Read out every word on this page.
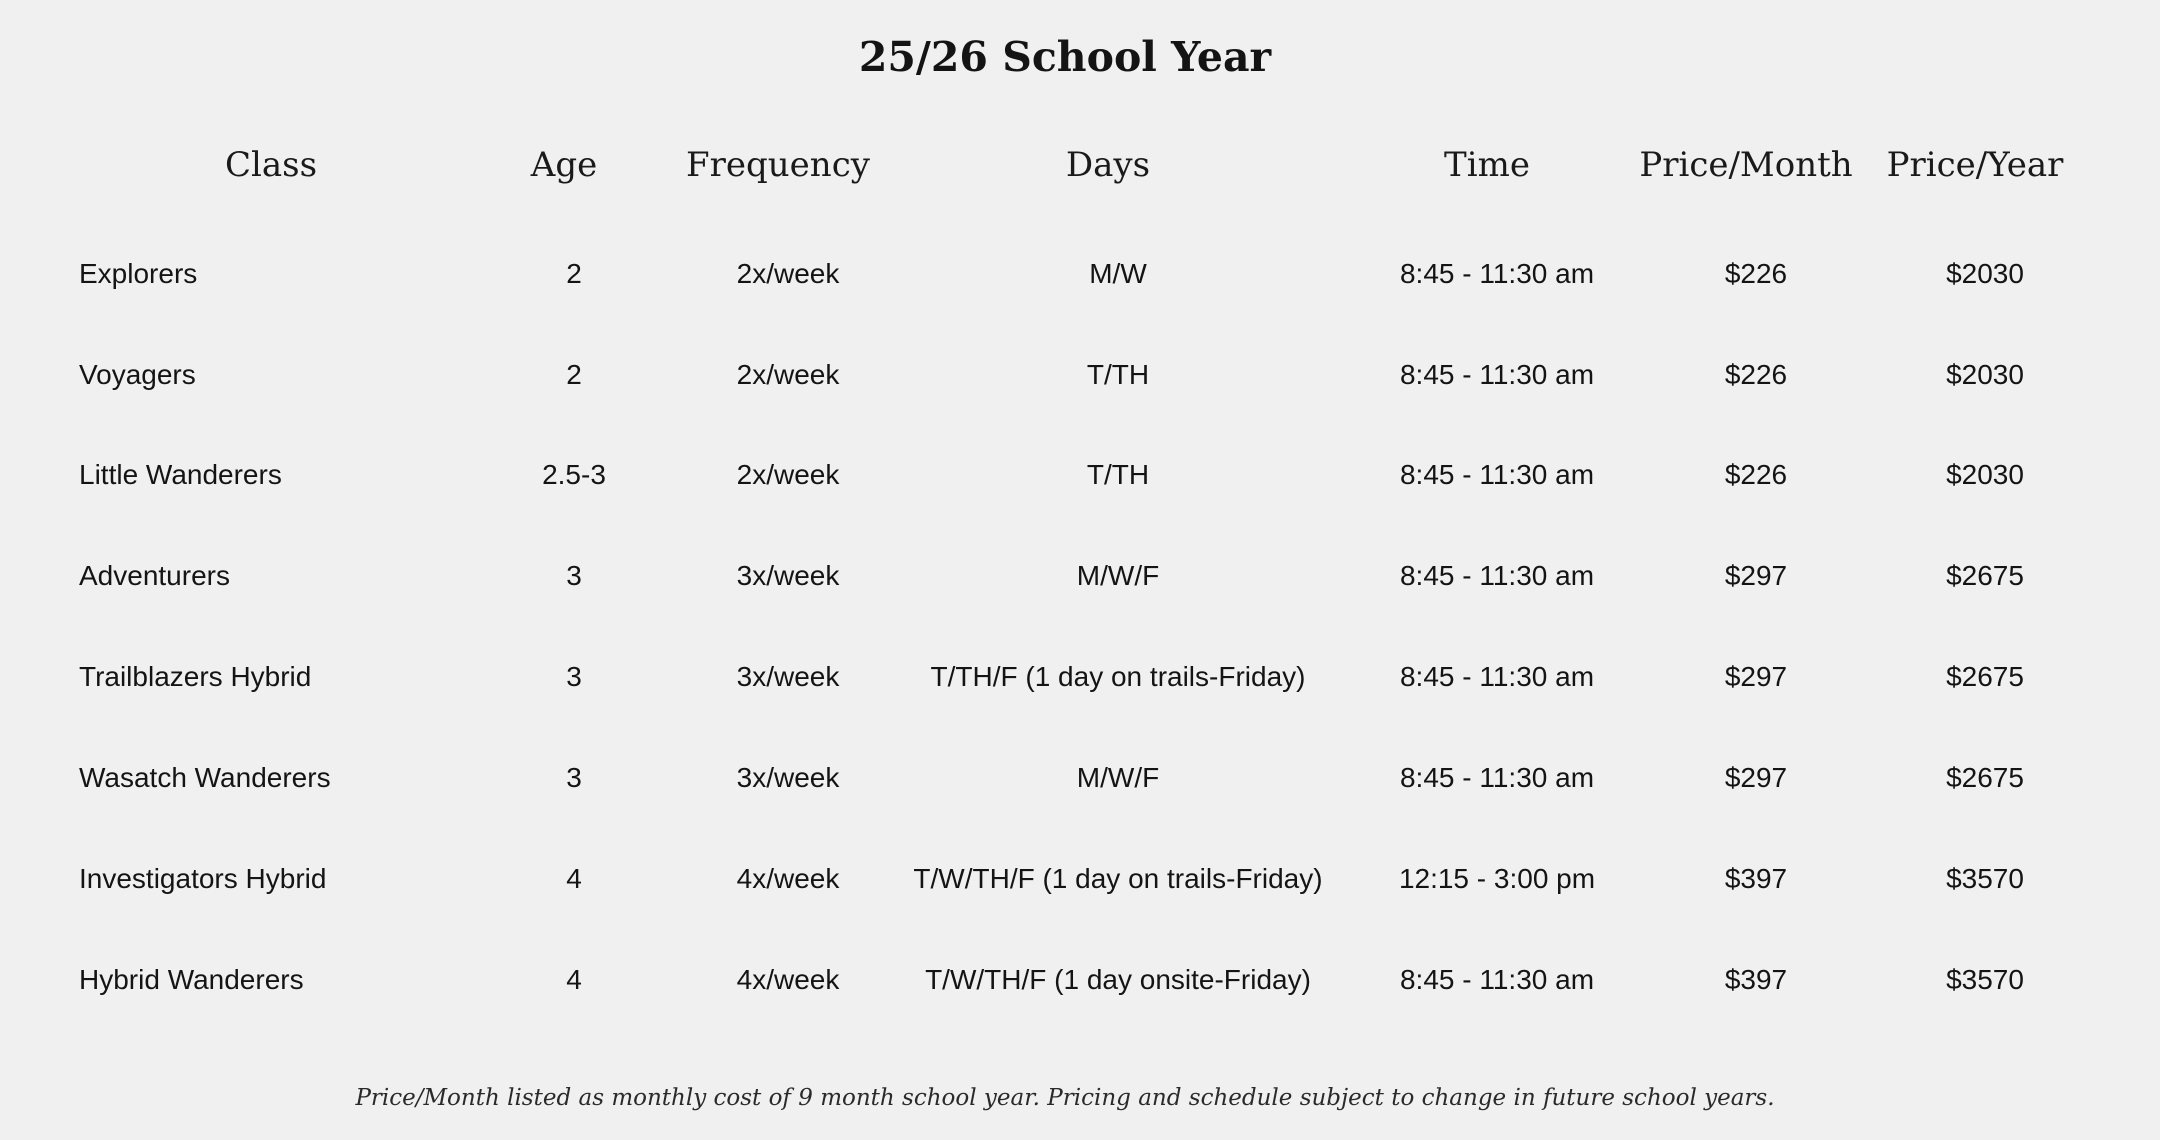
25/26 School Year
Class	Age	Frequency	Days	Time	Price/Month Price/Year
Explorers	2	2x/week	M/W	8:45 - 11:30 am	$226	$2030
Voyagers	2	2x/week	T/TH	8:45 - 11:30 am	$226	$2030
Little Wanderers	2.5-3	2x/week	T/TH	8:45 - 11:30 am	$226	$2030
Adventurers	3	3x/week	M/W/F	8:45 - 11:30 am	$297	$2675
Trailblazers Hybrid	3	3x/week	T/TH/F (1 day on trails-Friday)	8:45 - 11:30 am	$297	$2675
Wasatch Wanderers	3	3x/week	M/W/F	8:45 - 11:30 am	$297	$2675
Investigators Hybrid	4	4x/week	T/W/TH/F (1 day on trails-Friday)	12:15 - 3:00 pm	$397	$3570
Hybrid Wanderers	4	4x/week	T/W/TH/F (1 day onsite-Friday)	8:45 - 11:30 am	$397	$3570
Price/Month listed as monthly cost of 9 month school year. Pricing and schedule subject to change in future school years.
